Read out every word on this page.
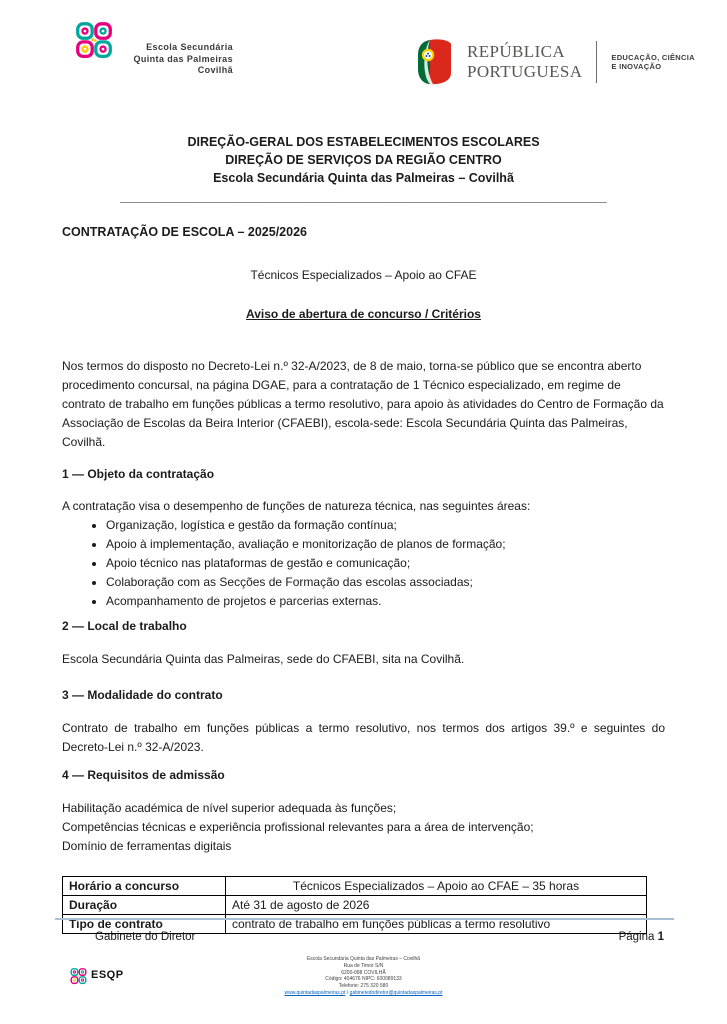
Escola Secundária
Quinta das Palmeiras
Covilhã
REPÚBLICA
PORTUGUESA
EDUCAÇÃO, CIÊNCIA
E INOVAÇÃO
DIREÇÃO-GERAL DOS ESTABELECIMENTOS ESCOLARES
DIREÇÃO DE SERVIÇOS DA REGIÃO CENTRO
Escola Secundária Quinta das Palmeiras – Covilhã
______________________________________________________________________
CONTRATAÇÃO DE ESCOLA – 2025/2026
Técnicos Especializados – Apoio ao CFAE
Aviso de abertura de concurso / Critérios

Nos termos do disposto no Decreto-Lei n.º 32-A/2023, de 8 de maio, torna-se público que se encontra aberto procedimento concursal, na página DGAE, para a contratação de 1 Técnico especializado, em regime de contrato de trabalho em funções públicas a termo resolutivo, para apoio às atividades do Centro de Formação da Associação de Escolas da Beira Interior (CFAEBI), escola-sede: Escola Secundária Quinta das Palmeiras, Covilhã.

1 — Objeto da contratação
A contratação visa o desempenho de funções de natureza técnica, nas seguintes áreas:
• Organização, logística e gestão da formação contínua;
• Apoio à implementação, avaliação e monitorização de planos de formação;
• Apoio técnico nas plataformas de gestão e comunicação;
• Colaboração com as Secções de Formação das escolas associadas;
• Acompanhamento de projetos e parcerias externas.
2 — Local de trabalho
Escola Secundária Quinta das Palmeiras, sede do CFAEBI, sita na Covilhã.
3 — Modalidade do contrato
Contrato de trabalho em funções públicas a termo resolutivo, nos termos dos artigos 39.º e seguintes do Decreto-Lei n.º 32-A/2023.
4 — Requisitos de admissão
Habilitação académica de nível superior adequada às funções;
Competências técnicas e experiência profissional relevantes para a área de intervenção;
Domínio de ferramentas digitais
Horário a concurso	Técnicos Especializados – Apoio ao CFAE – 35 horas
Duração	Até 31 de agosto de 2026
Tipo de contrato	contrato de trabalho em funções públicas a termo resolutivo
Gabinete do Diretor	Página 1
Escola Secundária Quinta das Palmeiras – Covilhã
Rua de Timor S/N
6200-088 COVILHÃ
Código: 404676 NIPC: 600089133
Telefone: 275 320 580
www.quintadaspalmeiras.pt / gabinetedodiretor@quintadaspalmeiras.pt
ESQP
